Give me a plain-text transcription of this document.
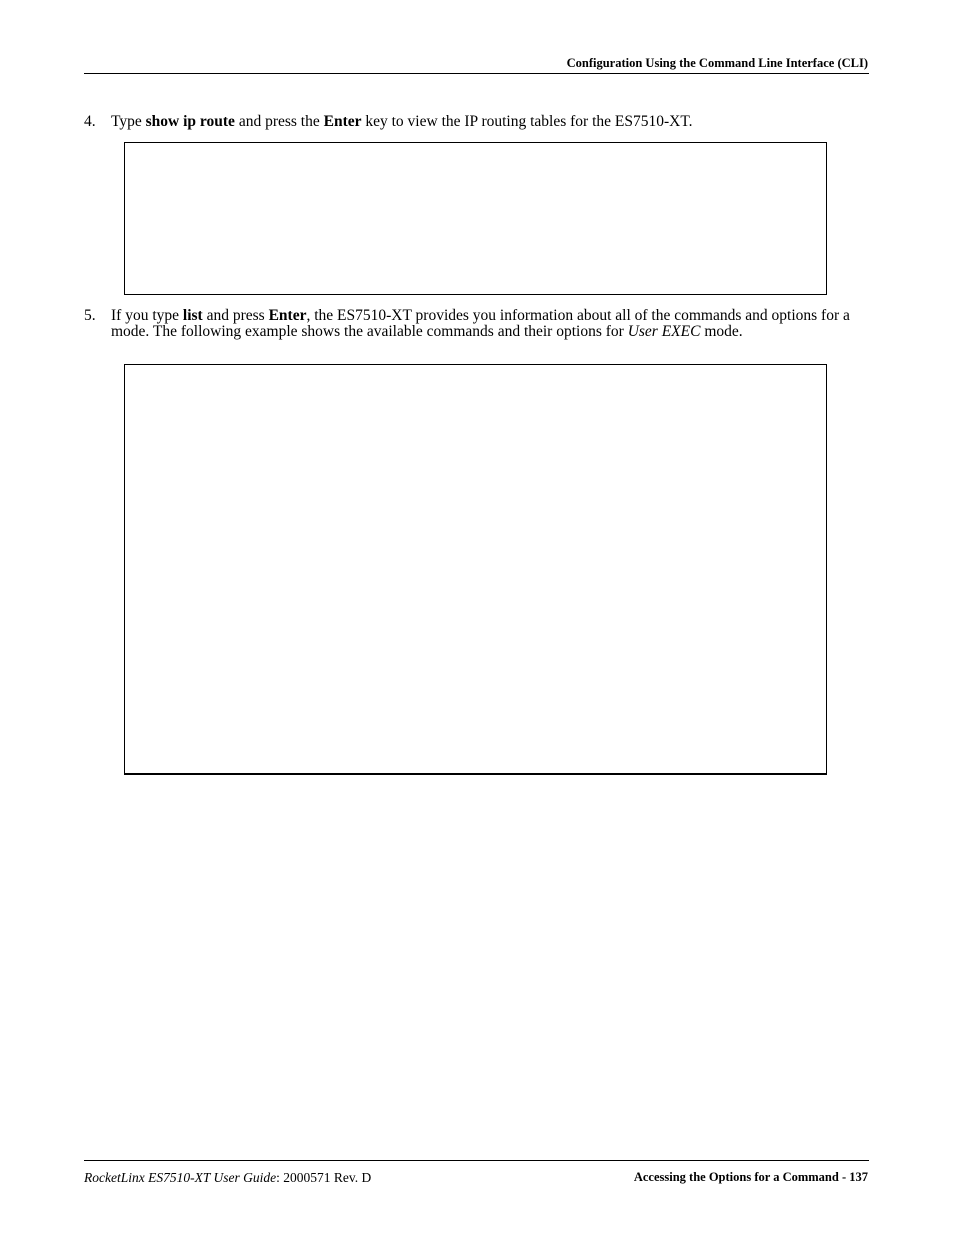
Configuration Using the Command Line Interface (CLI)
4. Type show ip route and press the Enter key to view the IP routing tables for the ES7510-XT.
5. If you type list and press Enter, the ES7510-XT provides you information about all of the commands and options for a mode. The following example shows the available commands and their options for User EXEC mode.
RocketLinx ES7510-XT User Guide: 2000571 Rev. D	Accessing the Options for a Command - 137
